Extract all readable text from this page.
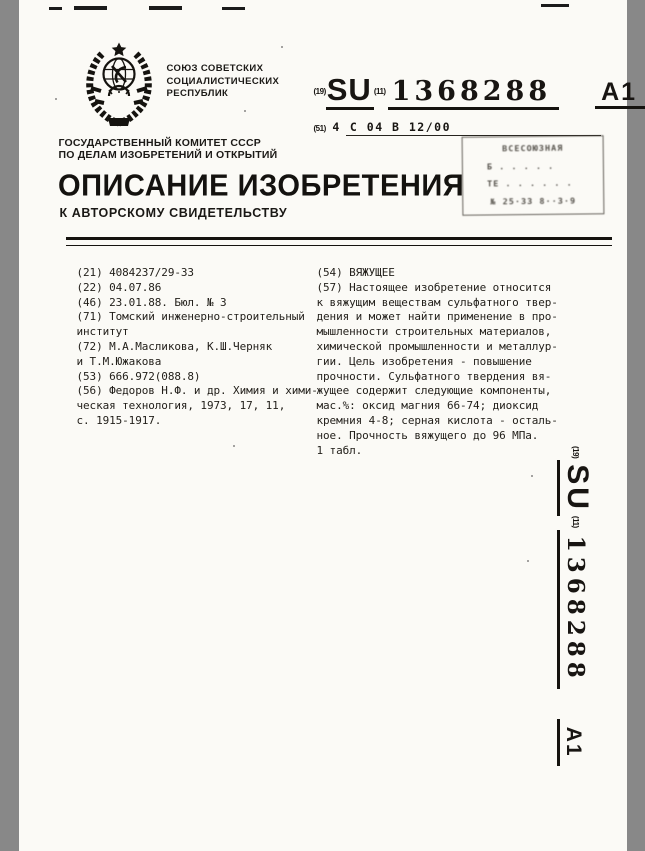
СОЮЗ СОВЕТСКИХ
СОЦИАЛИСТИЧЕСКИХ
РЕСПУБЛИК	$^{(19)}$SU $^{(11)}$ 1368288 A1
(51) 4 C 04 B 12/00
ГОСУДАРСТВЕННЫЙ КОМИТЕТ СССР
ПО ДЕЛАМ ИЗОБРЕТЕНИЙ И ОТКРЫТИЙ
ВСЕСОЮЗНАЯ
Б . . . . .
ТЕ . . . . . .
№ 25·33 8··3·9
ОПИСАНИЕ ИЗОБРЕТЕНИЯ
К АВТОРСКОМУ СВИДЕТЕЛЬСТВУ
(21) 4084237/29-33
(22) 04.07.86
(46) 23.01.88. Бюл. № 3
(71) Томский инженерно-строительный
институт
(72) М.А.Масликова, К.Ш.Черняк
и Т.М.Южакова
(53) 666.972(088.8)
(56) Федоров Н.Ф. и др. Химия и хими-
ческая технология, 1973, 17, 11,
с. 1915-1917.
(54) ВЯЖУЩЕЕ
(57) Настоящее изобретение относится
к вяжущим веществам сульфатного твер-
дения и может найти применение в про-
мышленности строительных материалов,
химической промышленности и металлур-
гии. Цель изобретения - повышение
прочности. Сульфатного твердения вя-
жущее содержит следующие компоненты,
мас.%: оксид магния 66-74; диоксид
кремния 4-8; серная кислота - осталь-
ное. Прочность вяжущего до 96 МПа.
1 табл.	(19)
SU
(11)
1368288
A1
